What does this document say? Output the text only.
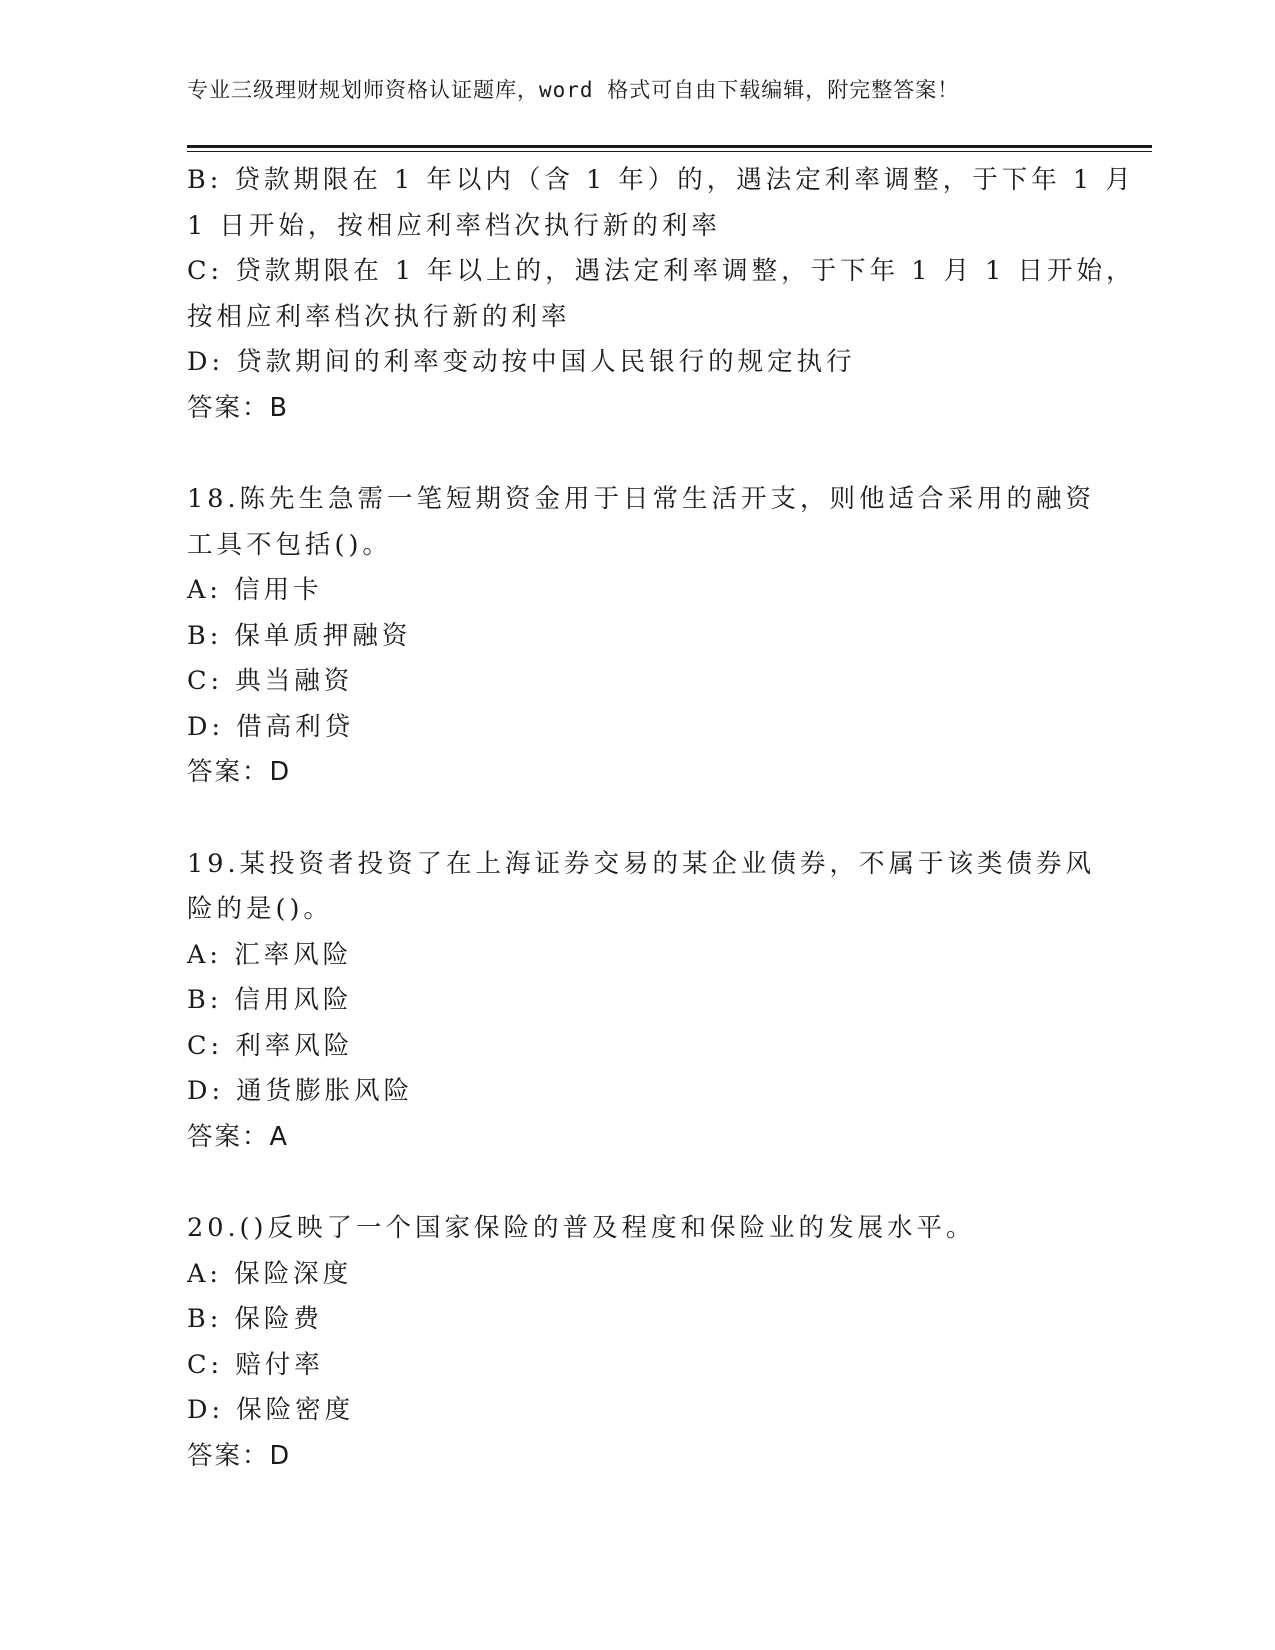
专业三级理财规划师资格认证题库，word 格式可自由下载编辑，附完整答案！
B: 贷款期限在 1 年以内（含 1 年）的，遇法定利率调整，于下年 1 月
1 日开始，按相应利率档次执行新的利率
C: 贷款期限在 1 年以上的，遇法定利率调整，于下年 1 月 1 日开始，
按相应利率档次执行新的利率
D: 贷款期间的利率变动按中国人民银行的规定执行
答案：B
18.陈先生急需一笔短期资金用于日常生活开支，则他适合采用的融资
工具不包括()。
A: 信用卡
B: 保单质押融资
C: 典当融资
D: 借高利贷
答案：D
19.某投资者投资了在上海证券交易的某企业债券，不属于该类债券风
险的是()。
A: 汇率风险
B: 信用风险
C: 利率风险
D: 通货膨胀风险
答案：A
20.()反映了一个国家保险的普及程度和保险业的发展水平。
A: 保险深度
B: 保险费
C: 赔付率
D: 保险密度
答案：D
